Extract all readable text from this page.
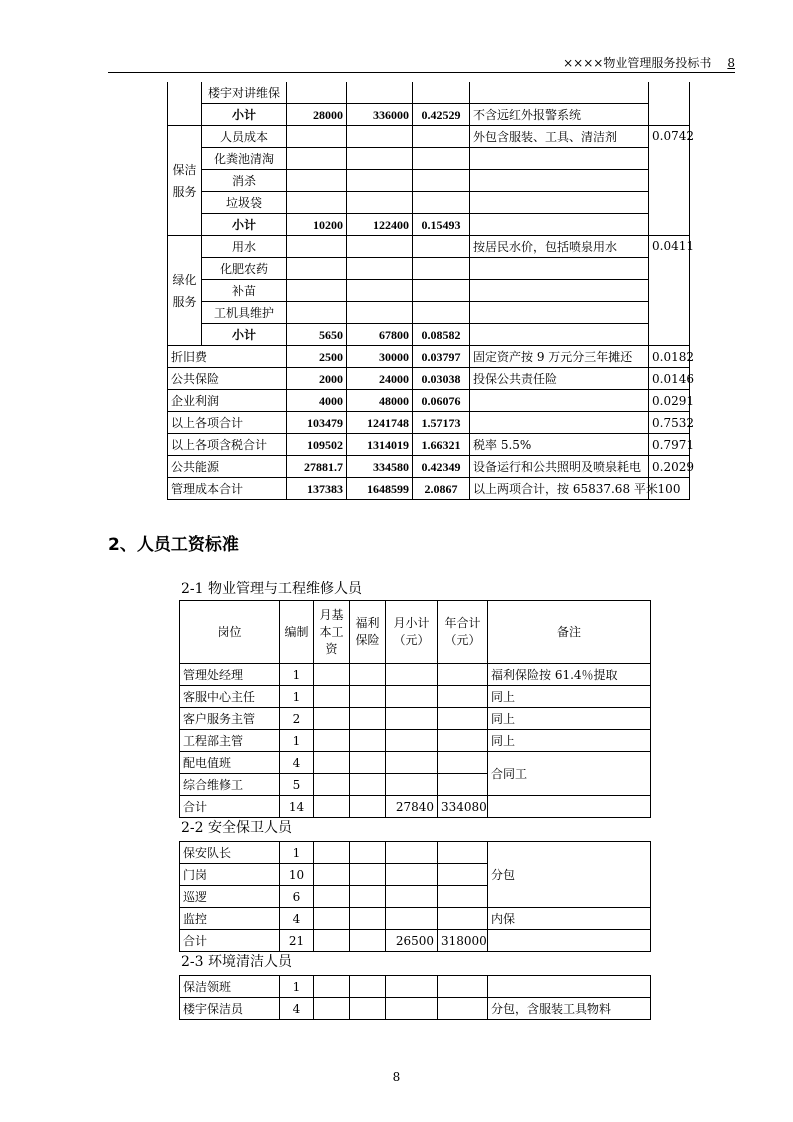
××××物业管理服务投标书 8
	楼宇对讲维保					
	小计	28000	336000	0.42529	不含远红外报警系统	
保洁服务	人员成本				外包含服装、工具、清洁剂	0.0742
	化粪池清淘					
	消杀					
	垃圾袋					
	小计	10200	122400	0.15493		
绿化服务	用水				按居民水价，包括喷泉用水	0.0411
	化肥农药					
	补苗					
	工机具维护					
	小计	5650	67800	0.08582		
折旧费		2500	30000	0.03797	固定资产按 9 万元分三年摊还	0.0182
公共保险		2000	24000	0.03038	投保公共责任险	0.0146
企业利润		4000	48000	0.06076		0.0291
以上各项合计		103479	1241748	1.57173		0.7532
以上各项含税合计		109502	1314019	1.66321	税率 5.5%	0.7971
公共能源		27881.7	334580	0.42349	设备运行和公共照明及喷泉耗电	0.2029
管理成本合计		137383	1648599	2.0867	以上两项合计，按 65837.68 平米	100
2、人员工资标准
2-1 物业管理与工程维修人员
岗位	编制	月基本工资	福利保险	月小计（元）	年合计（元）	备注
管理处经理	1					福利保险按 61.4％提取
客服中心主任	1					同上
客户服务主管	2					同上
工程部主管	1					同上
配电值班	4					合同工
综合维修工	5					
合计	14			27840	334080	
2-2 安全保卫人员
保安队长	1					分包
门岗	10					
巡逻	6					
监控	4					内保
合计	21			26500	318000	
2-3 环境清洁人员
保洁领班	1					
楼宇保洁员	4					分包，含服装工具物料
8
